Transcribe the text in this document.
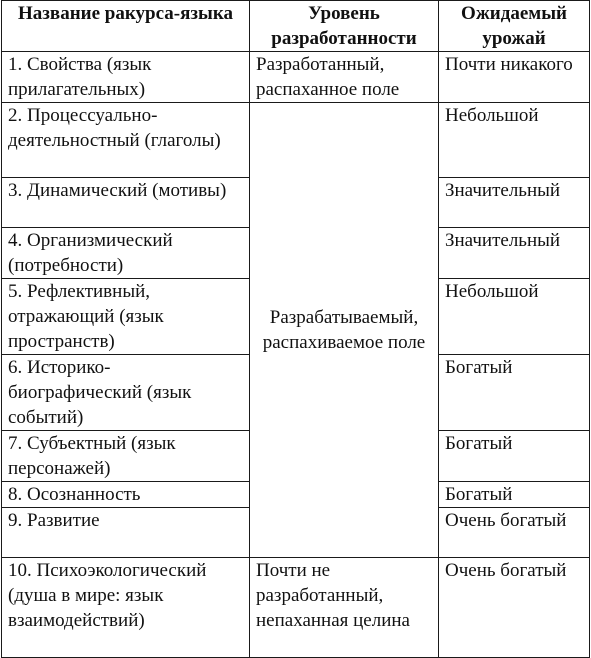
Название ракурса-языка	Уровень разработанности	Ожидаемый урожай
1. Свойства (язык прилагательных)	Разработанный, распаханное поле	Почти никакого
2. Процессуально-деятельностный (глаголы)	Разрабатываемый, распахиваемое поле	Небольшой
3. Динамический (мотивы)		Значительный
4. Организмический (потребности)		Значительный
5. Рефлективный, отражающий (язык пространств)		Небольшой
6. Историко-биографический (язык событий)		Богатый
7. Субъектный (язык персонажей)		Богатый
8. Осознанность		Богатый
9. Развитие		Очень богатый
10. Психоэкологический (душа в мире: язык взаимодействий)	Почти не разработанный, непаханная целина	Очень богатый
